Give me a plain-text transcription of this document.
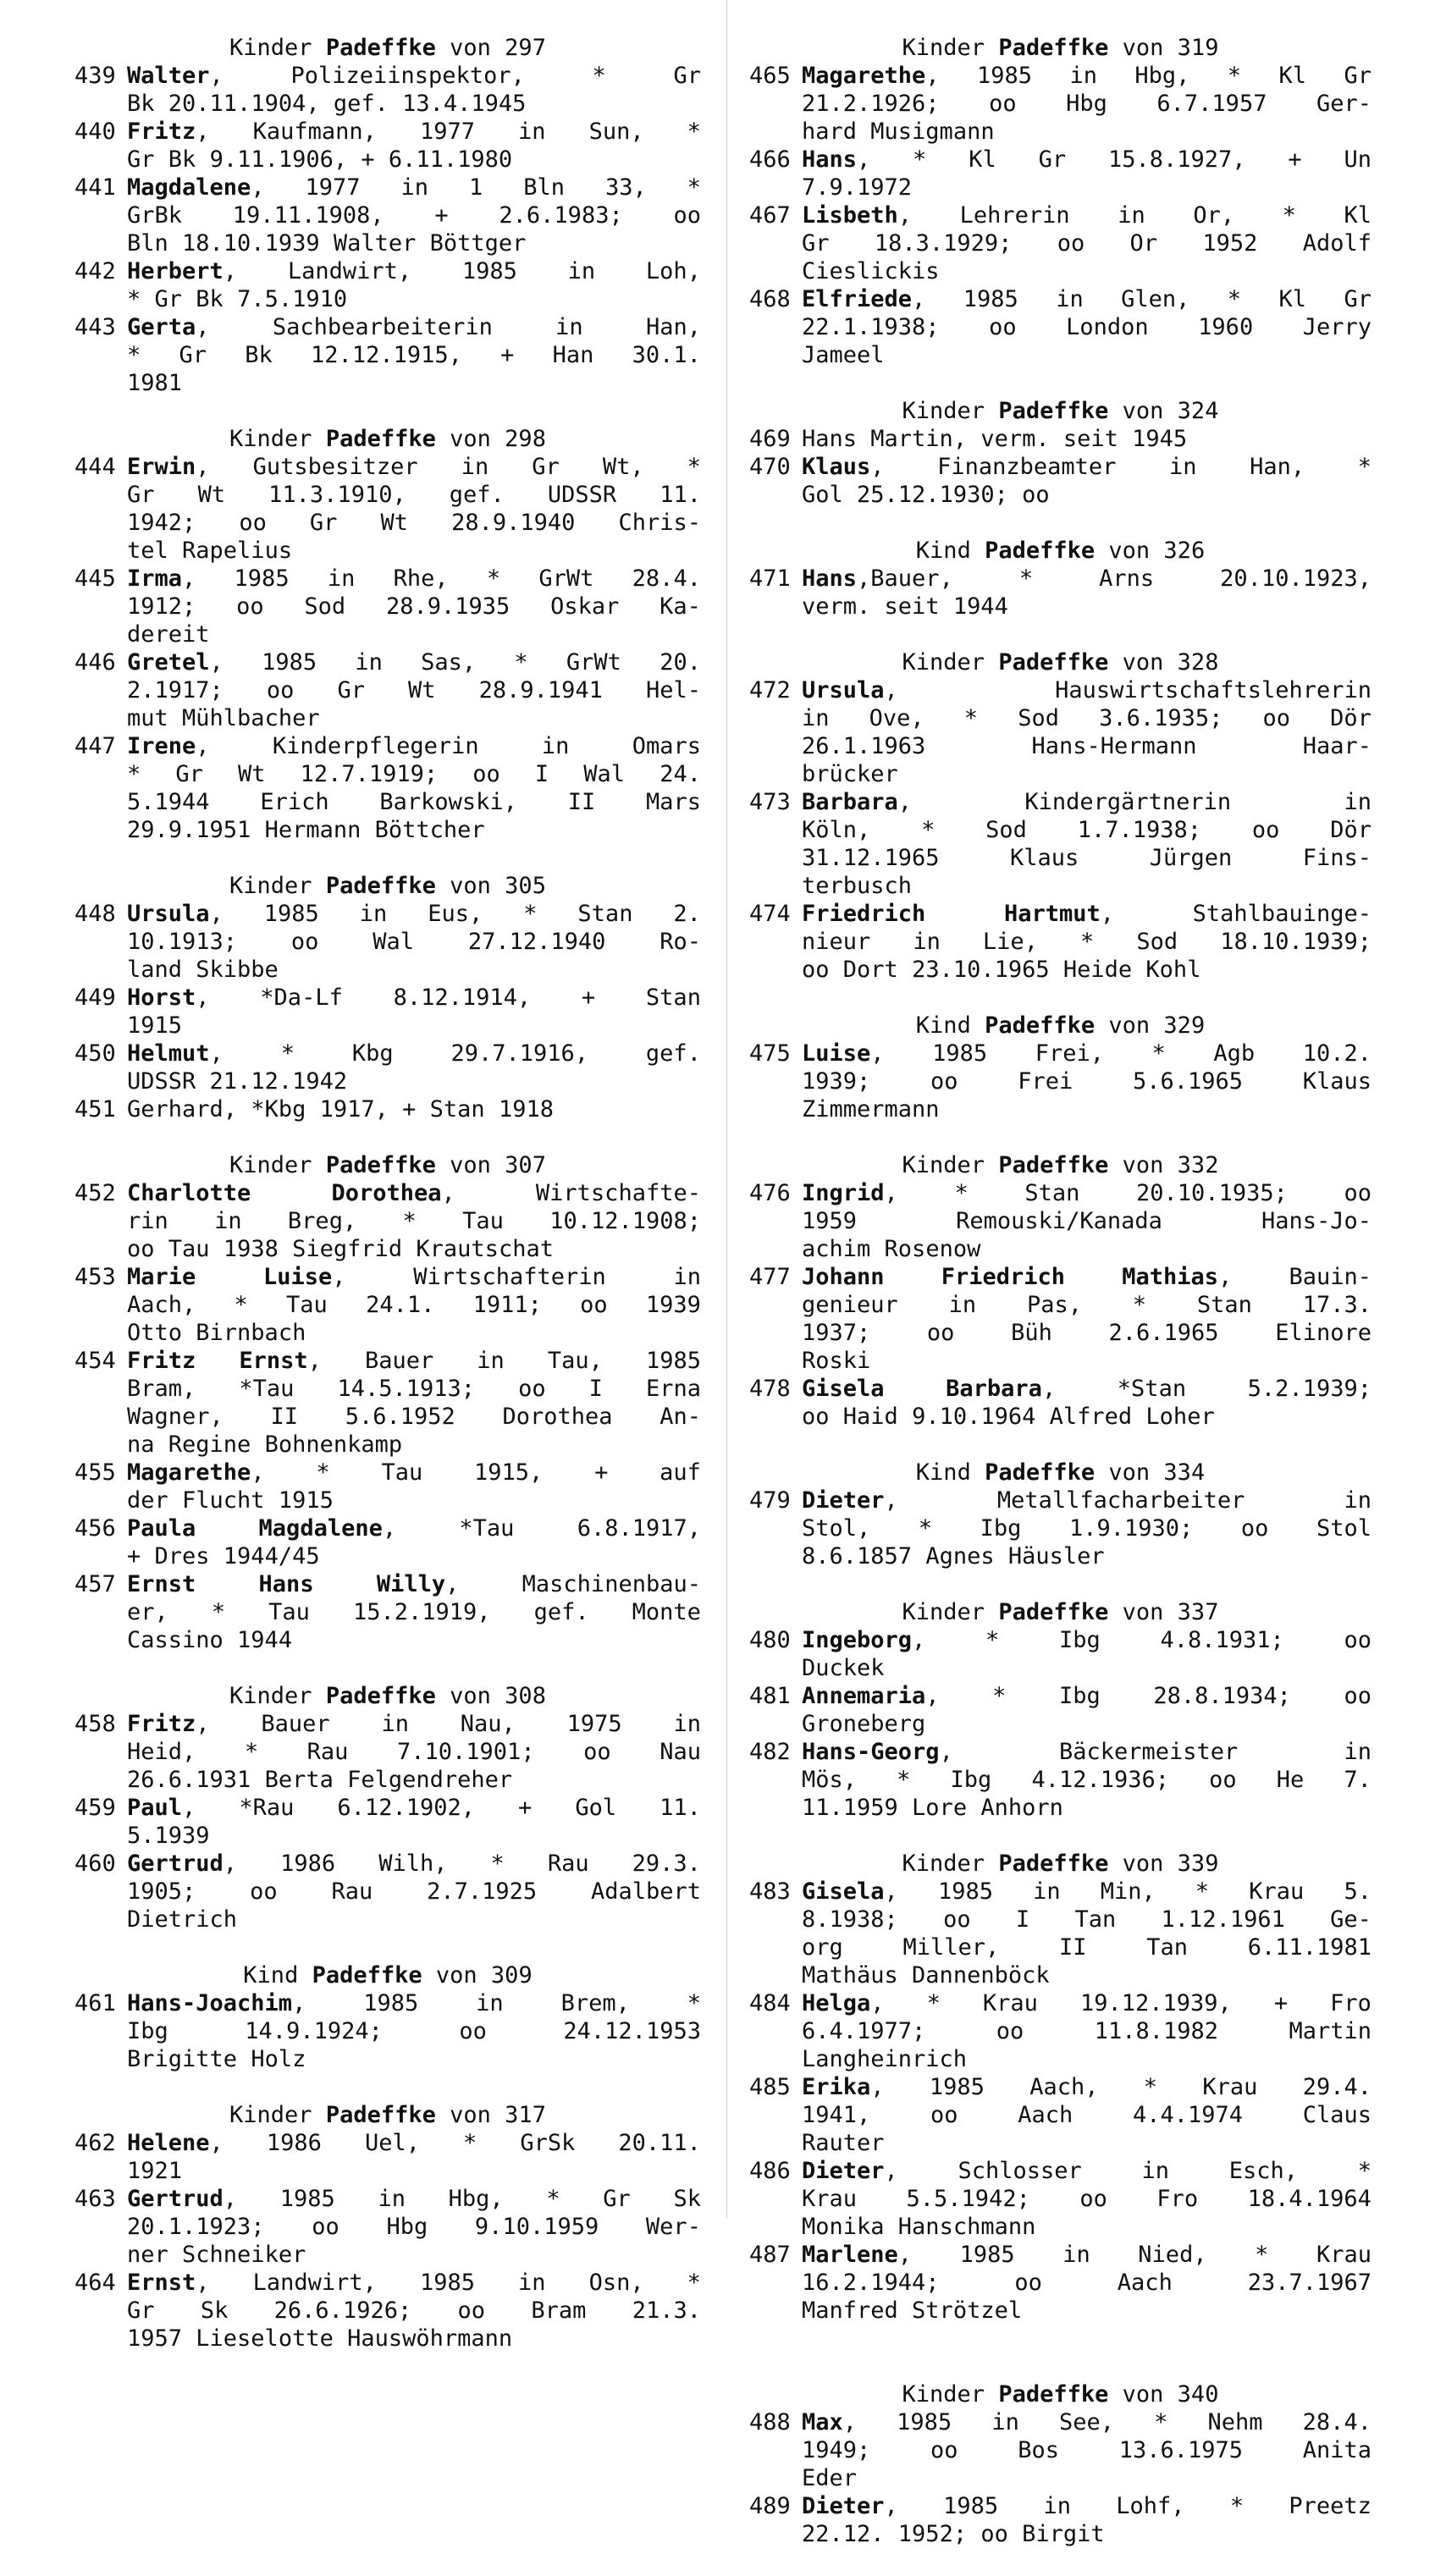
Kinder Padeffke von 297
439 Walter,	Polizeiinspektor,	*	Gr
Bk 20.11.1904, gef. 13.4.1945
440 Fritz, Kaufmann, 1977 in Sun, *
Gr Bk 9.11.1906, + 6.11.1980
441 Magdalene, 1977 in 1 Bln 33, *
GrBk 19.11.1908, + 2.6.1983; oo
Bln 18.10.1939 Walter Böttger
442 Herbert, Landwirt, 1985 in Loh,
* Gr Bk 7.5.1910
443 Gerta,	Sachbearbeiterin	in	Han,
* Gr Bk 12.12.1915, + Han 30.1.
1981
Kinder Padeffke von 298
444 Erwin, Gutsbesitzer in Gr Wt, *
Gr Wt 11.3.1910, gef. UDSSR 11.
1942; oo Gr Wt 28.9.1940 Chris-
tel Rapelius
445 Irma, 1985 in Rhe, * GrWt 28.4.
1912; oo Sod 28.9.1935 Oskar Ka-
dereit
446 Gretel, 1985 in Sas, * GrWt 20.
2.1917; oo Gr Wt 28.9.1941 Hel-
mut Mühlbacher
447 Irene,	Kinderpflegerin	in	Omars
* Gr Wt 12.7.1919; oo I Wal 24.
5.1944 Erich Barkowski, II Mars
29.9.1951 Hermann Böttcher
Kinder Padeffke von 305
448 Ursula, 1985 in Eus, * Stan 2.
10.1913; oo Wal 27.12.1940 Ro-
land Skibbe
449 Horst, *Da-Lf 8.12.1914, + Stan
1915
450 Helmut,	*	Kbg	29.7.1916,	gef.
UDSSR 21.12.1942
451 Gerhard, *Kbg 1917, + Stan 1918
Kinder Padeffke von 307
452 Charlotte	Dorothea,	Wirtschafte-
rin in Breg, * Tau 10.12.1908;
oo Tau 1938 Siegfrid Krautschat
453 Marie	Luise,	Wirtschafterin	in
Aach, * Tau 24.1. 1911; oo 1939
Otto Birnbach
454 Fritz Ernst, Bauer in Tau, 1985
Bram, *Tau 14.5.1913; oo I Erna
Wagner, II 5.6.1952 Dorothea An-
na Regine Bohnenkamp
455 Magarethe, * Tau 1915, + auf
der Flucht 1915
456 Paula	Magdalene,	*Tau	6.8.1917,
+ Dres 1944/45
457 Ernst	Hans	Willy,	Maschinenbau-
er, * Tau 15.2.1919, gef. Monte
Cassino 1944
Kinder Padeffke von 308
458 Fritz, Bauer in Nau, 1975 in
Heid, * Rau 7.10.1901; oo Nau
26.6.1931 Berta Felgendreher
459 Paul, *Rau 6.12.1902, + Gol 11.
5.1939
460 Gertrud, 1986 Wilh, * Rau 29.3.
1905; oo Rau 2.7.1925 Adalbert
Dietrich
Kind Padeffke von 309
461 Hans-Joachim,	1985	in	Brem,	*
Ibg	14.9.1924;	oo	24.12.1953
Brigitte Holz
Kinder Padeffke von 317
462 Helene, 1986 Uel, * GrSk 20.11.
1921
463 Gertrud, 1985 in Hbg, * Gr Sk
20.1.1923; oo Hbg 9.10.1959 Wer-
ner Schneiker
464 Ernst, Landwirt, 1985 in Osn, *
Gr Sk 26.6.1926; oo Bram 21.3.
1957 Lieselotte Hauswöhrmann
Kinder Padeffke von 319
465 Magarethe, 1985 in Hbg, * Kl Gr
21.2.1926; oo Hbg 6.7.1957 Ger-
hard Musigmann
466 Hans, * Kl Gr 15.8.1927, + Un
7.9.1972
467 Lisbeth, Lehrerin in Or, * Kl
Gr 18.3.1929; oo Or 1952 Adolf
Cieslickis
468 Elfriede, 1985 in Glen, * Kl Gr
22.1.1938; oo London 1960 Jerry
Jameel
Kinder Padeffke von 324
469 Hans Martin, verm. seit 1945
470 Klaus, Finanzbeamter in Han, *
Gol 25.12.1930; oo
Kind Padeffke von 326
471 Hans,Bauer,	*	Arns	20.10.1923,
verm. seit 1944
Kinder Padeffke von 328
472 Ursula,	Hauswirtschaftslehrerin
in Ove, * Sod 3.6.1935; oo Dör
26.1.1963	Hans-Hermann	Haar-
brücker
473 Barbara,	Kindergärtnerin	in
Köln, * Sod 1.7.1938; oo Dör
31.12.1965	Klaus	Jürgen	Fins-
terbusch
474 Friedrich	Hartmut,	Stahlbauinge-
nieur in Lie, * Sod 18.10.1939;
oo Dort 23.10.1965 Heide Kohl
Kind Padeffke von 329
475 Luise, 1985 Frei, * Agb 10.2.
1939;	oo	Frei	5.6.1965	Klaus
Zimmermann
Kinder Padeffke von 332
476 Ingrid, * Stan 20.10.1935; oo
1959	Remouski/Kanada	Hans-Jo-
achim Rosenow
477 Johann Friedrich Mathias, Bauin-
genieur in Pas, * Stan 17.3.
1937; oo Büh 2.6.1965 Elinore
Roski
478 Gisela	Barbara,	*Stan	5.2.1939;
oo Haid 9.10.1964 Alfred Loher
Kind Padeffke von 334
479 Dieter,	Metallfacharbeiter	in
Stol, * Ibg 1.9.1930; oo Stol
8.6.1857 Agnes Häusler
Kinder Padeffke von 337
480 Ingeborg,	*	Ibg	4.8.1931;	oo
Duckek
481 Annemaria, * Ibg 28.8.1934; oo
Groneberg
482 Hans-Georg,	Bäckermeister	in
Mös, * Ibg 4.12.1936; oo He 7.
11.1959 Lore Anhorn
Kinder Padeffke von 339
483 Gisela, 1985 in Min, * Krau 5.
8.1938; oo I Tan 1.12.1961 Ge-
org	Miller,	II	Tan	6.11.1981
Mathäus Dannenböck
484 Helga, * Krau 19.12.1939, + Fro
6.4.1977;	oo	11.8.1982	Martin
Langheinrich
485 Erika, 1985 Aach, * Krau 29.4.
1941,	oo	Aach	4.4.1974	Claus
Rauter
486 Dieter,	Schlosser	in	Esch,	*
Krau 5.5.1942; oo Fro 18.4.1964
Monika Hanschmann
487 Marlene, 1985 in Nied, * Krau
16.2.1944;	oo	Aach	23.7.1967
Manfred Strötzel
Kinder Padeffke von 340
488 Max, 1985 in See, * Nehm 28.4.
1949;	oo	Bos	13.6.1975	Anita
Eder
489 Dieter, 1985 in Lohf, * Preetz
22.12. 1952; oo Birgit
